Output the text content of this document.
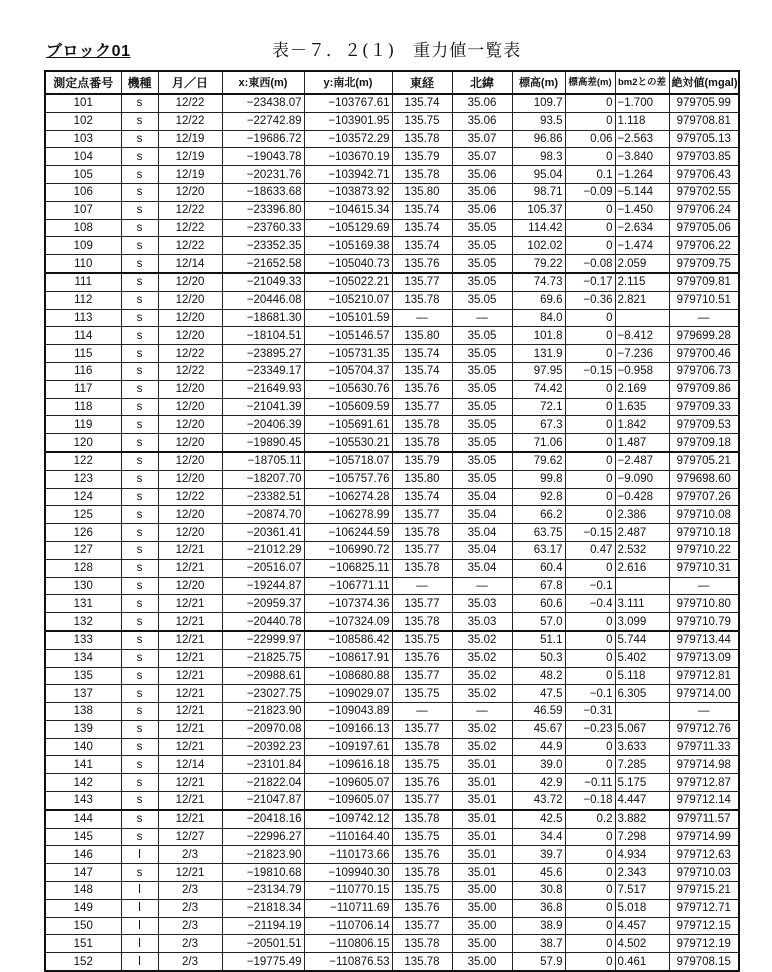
ブロック01	表－７．２(１)　重力値一覧表
測定点番号	機種	月／日	x:東西(m)	y:南北(m)	東経	北緯	標高(m)	標高差(m)	bm2との差	絶対値(mgal)
101	s	12/22	−23438.07	−103767.61	135.74	35.06	109.7	0	−1.700	979705.99
102	s	12/22	−22742.89	−103901.95	135.75	35.06	93.5	0	1.118	979708.81
103	s	12/19	−19686.72	−103572.29	135.78	35.07	96.86	0.06	−2.563	979705.13
104	s	12/19	−19043.78	−103670.19	135.79	35.07	98.3	0	−3.840	979703.85
105	s	12/19	−20231.76	−103942.71	135.78	35.06	95.04	0.1	−1.264	979706.43
106	s	12/20	−18633.68	−103873.92	135.80	35.06	98.71	−0.09	−5.144	979702.55
107	s	12/22	−23396.80	−104615.34	135.74	35.06	105.37	0	−1.450	979706.24
108	s	12/22	−23760.33	−105129.69	135.74	35.05	114.42	0	−2.634	979705.06
109	s	12/22	−23352.35	−105169.38	135.74	35.05	102.02	0	−1.474	979706.22
110	s	12/14	−21652.58	−105040.73	135.76	35.05	79.22	−0.08	2.059	979709.75
111	s	12/20	−21049.33	−105022.21	135.77	35.05	74.73	−0.17	2.115	979709.81
112	s	12/20	−20446.08	−105210.07	135.78	35.05	69.6	−0.36	2.821	979710.51
113	s	12/20	−18681.30	−105101.59	—	—	84.0	0		—
114	s	12/20	−18104.51	−105146.57	135.80	35.05	101.8	0	−8.412	979699.28
115	s	12/22	−23895.27	−105731.35	135.74	35.05	131.9	0	−7.236	979700.46
116	s	12/22	−23349.17	−105704.37	135.74	35.05	97.95	−0.15	−0.958	979706.73
117	s	12/20	−21649.93	−105630.76	135.76	35.05	74.42	0	2.169	979709.86
118	s	12/20	−21041.39	−105609.59	135.77	35.05	72.1	0	1.635	979709.33
119	s	12/20	−20406.39	−105691.61	135.78	35.05	67.3	0	1.842	979709.53
120	s	12/20	−19890.45	−105530.21	135.78	35.05	71.06	0	1.487	979709.18
122	s	12/20	−18705.11	−105718.07	135.79	35.05	79.62	0	−2.487	979705.21
123	s	12/20	−18207.70	−105757.76	135.80	35.05	99.8	0	−9.090	979698.60
124	s	12/22	−23382.51	−106274.28	135.74	35.04	92.8	0	−0.428	979707.26
125	s	12/20	−20874.70	−106278.99	135.77	35.04	66.2	0	2.386	979710.08
126	s	12/20	−20361.41	−106244.59	135.78	35.04	63.75	−0.15	2.487	979710.18
127	s	12/21	−21012.29	−106990.72	135.77	35.04	63.17	0.47	2.532	979710.22
128	s	12/21	−20516.07	−106825.11	135.78	35.04	60.4	0	2.616	979710.31
130	s	12/20	−19244.87	−106771.11	—	—	67.8	−0.1		—
131	s	12/21	−20959.37	−107374.36	135.77	35.03	60.6	−0.4	3.111	979710.80
132	s	12/21	−20440.78	−107324.09	135.78	35.03	57.0	0	3.099	979710.79
133	s	12/21	−22999.97	−108586.42	135.75	35.02	51.1	0	5.744	979713.44
134	s	12/21	−21825.75	−108617.91	135.76	35.02	50.3	0	5.402	979713.09
135	s	12/21	−20988.61	−108680.88	135.77	35.02	48.2	0	5.118	979712.81
137	s	12/21	−23027.75	−109029.07	135.75	35.02	47.5	−0.1	6.305	979714.00
138	s	12/21	−21823.90	−109043.89	—	—	46.59	−0.31		—
139	s	12/21	−20970.08	−109166.13	135.77	35.02	45.67	−0.23	5.067	979712.76
140	s	12/21	−20392.23	−109197.61	135.78	35.02	44.9	0	3.633	979711.33
141	s	12/14	−23101.84	−109616.18	135.75	35.01	39.0	0	7.285	979714.98
142	s	12/21	−21822.04	−109605.07	135.76	35.01	42.9	−0.11	5.175	979712.87
143	s	12/21	−21047.87	−109605.07	135.77	35.01	43.72	−0.18	4.447	979712.14
144	s	12/21	−20418.16	−109742.12	135.78	35.01	42.5	0.2	3.882	979711.57
145	s	12/27	−22996.27	−110164.40	135.75	35.01	34.4	0	7.298	979714.99
146	l	2/3	−21823.90	−110173.66	135.76	35.01	39.7	0	4.934	979712.63
147	s	12/21	−19810.68	−109940.30	135.78	35.01	45.6	0	2.343	979710.03
148	l	2/3	−23134.79	−110770.15	135.75	35.00	30.8	0	7.517	979715.21
149	l	2/3	−21818.34	−110711.69	135.76	35.00	36.8	0	5.018	979712.71
150	l	2/3	−21194.19	−110706.14	135.77	35.00	38.9	0	4.457	979712.15
151	l	2/3	−20501.51	−110806.15	135.78	35.00	38.7	0	4.502	979712.19
152	l	2/3	−19775.49	−110876.53	135.78	35.00	57.9	0	0.461	979708.15
